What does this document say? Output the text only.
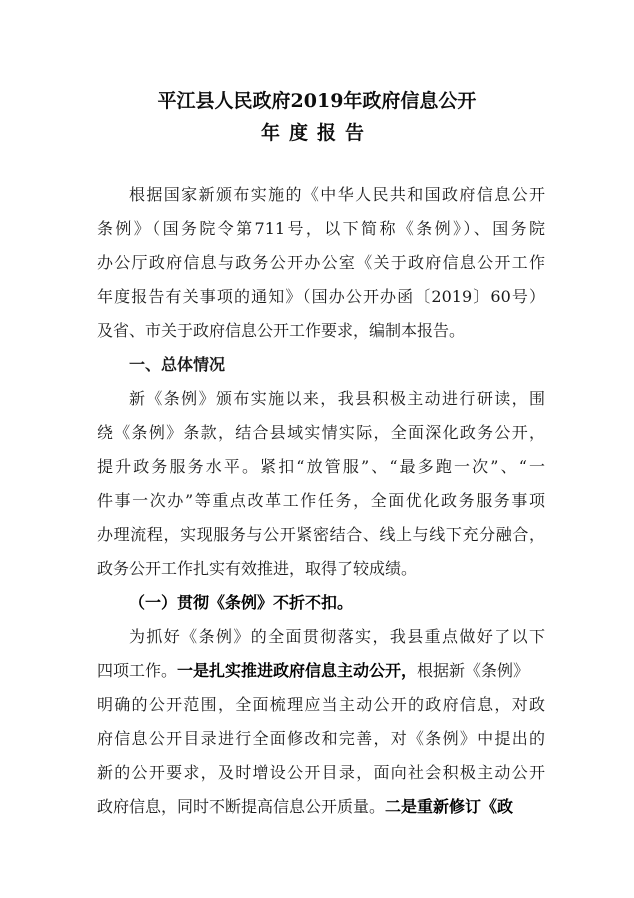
平江县人民政府2019年政府信息公开
年度报告
根据国家新颁布实施的《中华人民共和国政府信息公开
条例》（国务院令第711号，以下简称《条例》）、国务院
办公厅政府信息与政务公开办公室《关于政府信息公开工作
年度报告有关事项的通知》（国办公开办函〔2019〕60号）
及省、市关于政府信息公开工作要求，编制本报告。
一、总体情况
新《条例》颁布实施以来，我县积极主动进行研读，围
绕《条例》条款，结合县域实情实际，全面深化政务公开，
提升政务服务水平。紧扣“放管服”、“最多跑一次”、“一
件事一次办”等重点改革工作任务，全面优化政务服务事项
办理流程，实现服务与公开紧密结合、线上与线下充分融合，
政务公开工作扎实有效推进，取得了较成绩。
（一）贯彻《条例》不折不扣。
为抓好《条例》的全面贯彻落实，我县重点做好了以下
四项工作。一是扎实推进政府信息主动公开，根据新《条例》
明确的公开范围，全面梳理应当主动公开的政府信息，对政
府信息公开目录进行全面修改和完善，对《条例》中提出的
新的公开要求，及时增设公开目录，面向社会积极主动公开
政府信息，同时不断提高信息公开质量。二是重新修订《政
